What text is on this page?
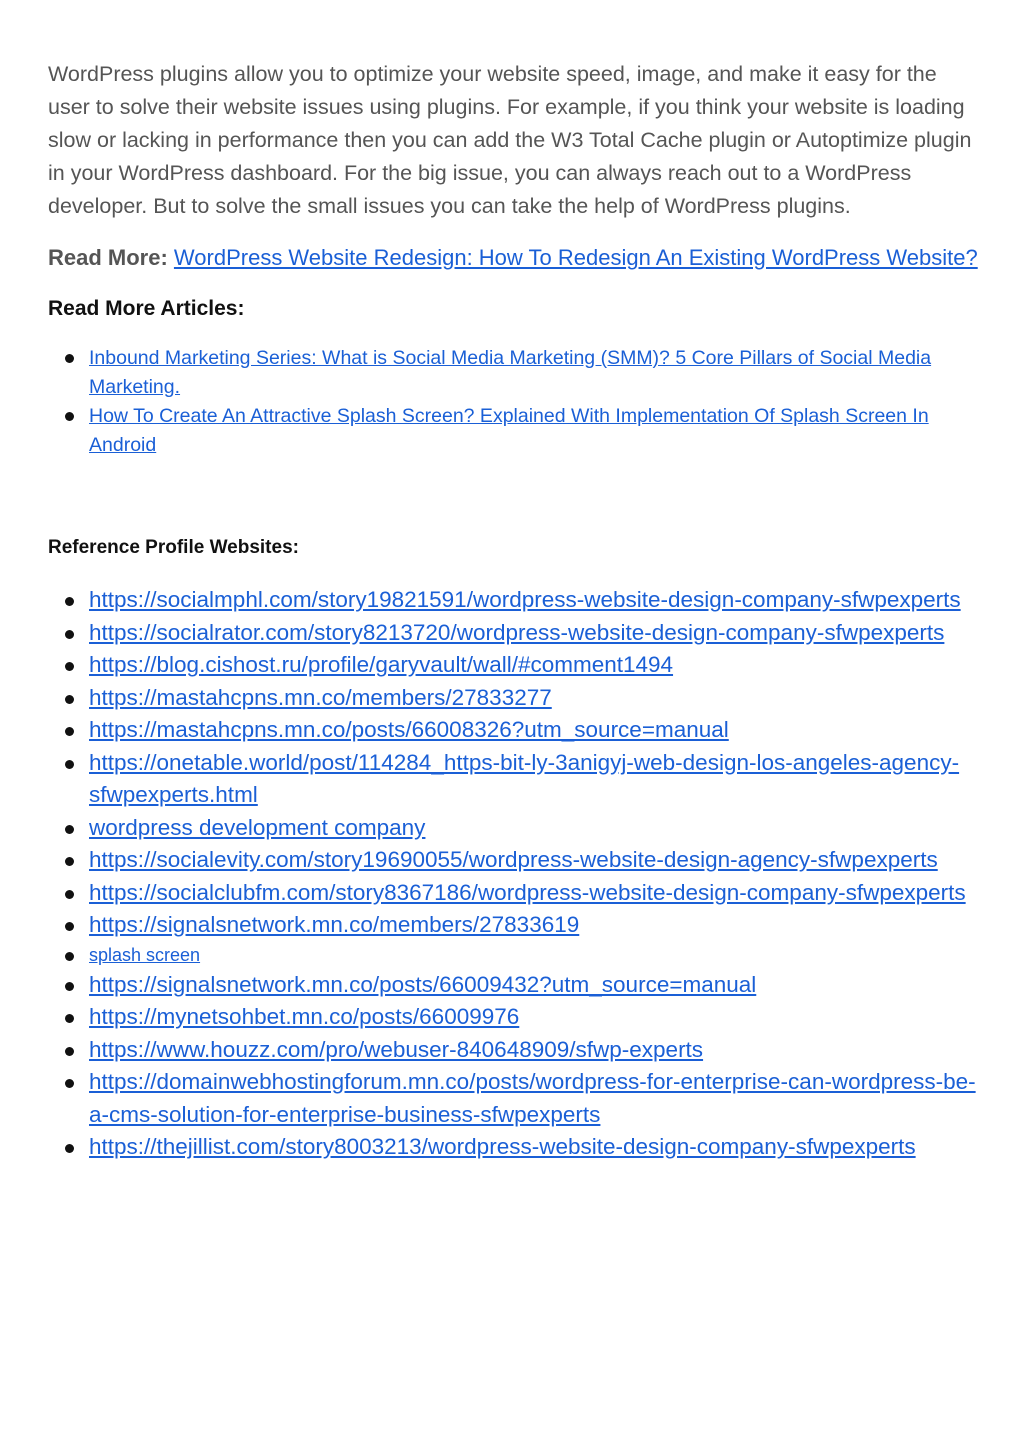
WordPress plugins allow you to optimize your website speed, image, and make it easy for the user to solve their website issues using plugins. For example, if you think your website is loading slow or lacking in performance then you can add the W3 Total Cache plugin or Autoptimize plugin in your WordPress dashboard. For the big issue, you can always reach out to a WordPress developer. But to solve the small issues you can take the help of WordPress plugins.

Read More: WordPress Website Redesign: How To Redesign An Existing WordPress Website?

Read More Articles:
Inbound Marketing Series: What is Social Media Marketing (SMM)? 5 Core Pillars of Social Media Marketing.
How To Create An Attractive Splash Screen? Explained With Implementation Of Splash Screen In Android
Reference Profile Websites:
https://socialmphl.com/story19821591/wordpress-website-design-company-sfwpexperts
https://socialrator.com/story8213720/wordpress-website-design-company-sfwpexperts
https://blog.cishost.ru/profile/garyvault/wall/#comment1494
https://mastahcpns.mn.co/members/27833277
https://mastahcpns.mn.co/posts/66008326?utm_source=manual
https://onetable.world/post/114284_https-bit-ly-3anigyj-web-design-los-angeles-agency-sfwpexperts.html
wordpress development company
https://socialevity.com/story19690055/wordpress-website-design-agency-sfwpexperts
https://socialclubfm.com/story8367186/wordpress-website-design-company-sfwpexperts
https://signalsnetwork.mn.co/members/27833619
splash screen
https://signalsnetwork.mn.co/posts/66009432?utm_source=manual
https://mynetsohbet.mn.co/posts/66009976
https://www.houzz.com/pro/webuser-840648909/sfwp-experts
https://domainwebhostingforum.mn.co/posts/wordpress-for-enterprise-can-wordpress-be-a-cms-solution-for-enterprise-business-sfwpexperts
https://thejillist.com/story8003213/wordpress-website-design-company-sfwpexperts
